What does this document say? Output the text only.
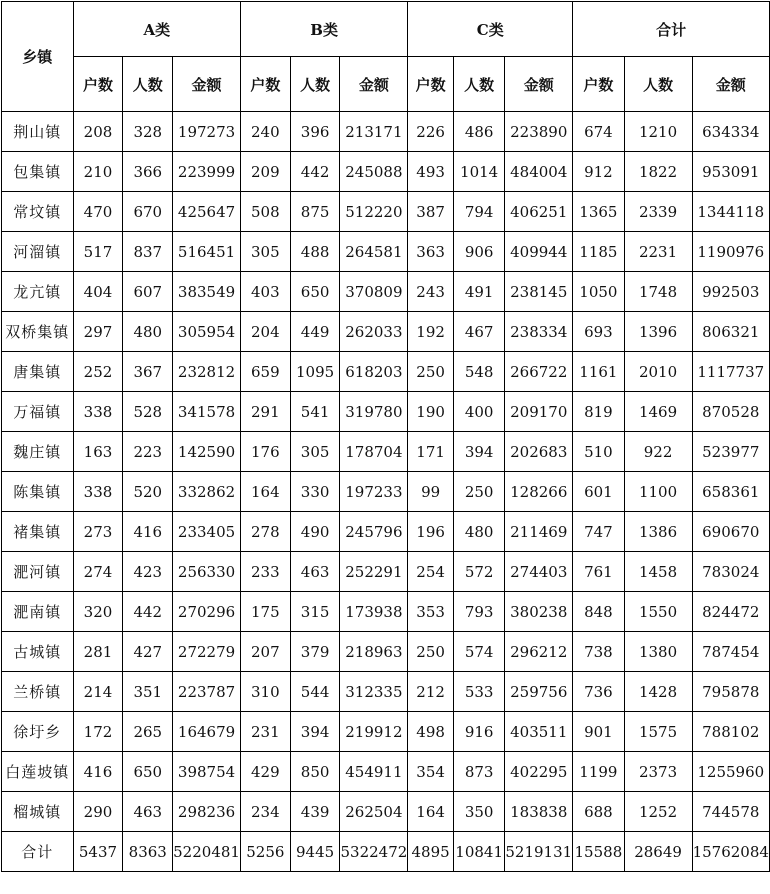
乡镇	A类			B类			C类			合计		
	户数	人数	金额	户数	人数	金额	户数	人数	金额	户数	人数	金额
荆山镇	208	328	197273	240	396	213171	226	486	223890	674	1210	634334
包集镇	210	366	223999	209	442	245088	493	1014	484004	912	1822	953091
常坟镇	470	670	425647	508	875	512220	387	794	406251	1365	2339	1344118
河溜镇	517	837	516451	305	488	264581	363	906	409944	1185	2231	1190976
龙亢镇	404	607	383549	403	650	370809	243	491	238145	1050	1748	992503
双桥集镇	297	480	305954	204	449	262033	192	467	238334	693	1396	806321
唐集镇	252	367	232812	659	1095	618203	250	548	266722	1161	2010	1117737
万福镇	338	528	341578	291	541	319780	190	400	209170	819	1469	870528
魏庄镇	163	223	142590	176	305	178704	171	394	202683	510	922	523977
陈集镇	338	520	332862	164	330	197233	99	250	128266	601	1100	658361
褚集镇	273	416	233405	278	490	245796	196	480	211469	747	1386	690670
淝河镇	274	423	256330	233	463	252291	254	572	274403	761	1458	783024
淝南镇	320	442	270296	175	315	173938	353	793	380238	848	1550	824472
古城镇	281	427	272279	207	379	218963	250	574	296212	738	1380	787454
兰桥镇	214	351	223787	310	544	312335	212	533	259756	736	1428	795878
徐圩乡	172	265	164679	231	394	219912	498	916	403511	901	1575	788102
白莲坡镇	416	650	398754	429	850	454911	354	873	402295	1199	2373	1255960
榴城镇	290	463	298236	234	439	262504	164	350	183838	688	1252	744578
合计	5437	8363	5220481	5256	9445	5322472	4895	10841	5219131	15588	28649	15762084
